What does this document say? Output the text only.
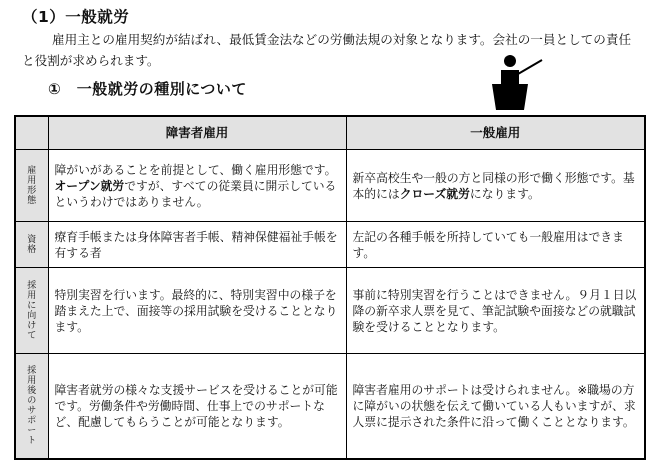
（1）一般就労
雇用主との雇用契約が結ばれ、最低賃金法などの労働法規の対象となります。会社の一員としての責任と役割が求められます。
①　一般就労の種別について
	障害者雇用	一般雇用
雇用形態	障がいがあることを前提として、働く雇用形態です。オープン就労ですが、すべての従業員に開示しているというわけではありません。	新卒高校生や一般の方と同様の形で働く形態です。基本的にはクローズ就労になります。
資格	療育手帳または身体障害者手帳、精神保健福祉手帳を有する者	左記の各種手帳を所持していても一般雇用はできます。
採用に向けて	特別実習を行います。最終的に、特別実習中の様子を踏まえた上で、面接等の採用試験を受けることとなります。	事前に特別実習を行うことはできません。９月１日以降の新卒求人票を見て、筆記試験や面接などの就職試験を受けることとなります。
採用後のサポート	障害者就労の様々な支援サービスを受けることが可能です。労働条件や労働時間、仕事上でのサポートなど、配慮してもらうことが可能となります。	障害者雇用のサポートは受けられません。※職場の方に障がいの状態を伝えて働いている人もいますが、求人票に提示された条件に沿って働くこととなります。
